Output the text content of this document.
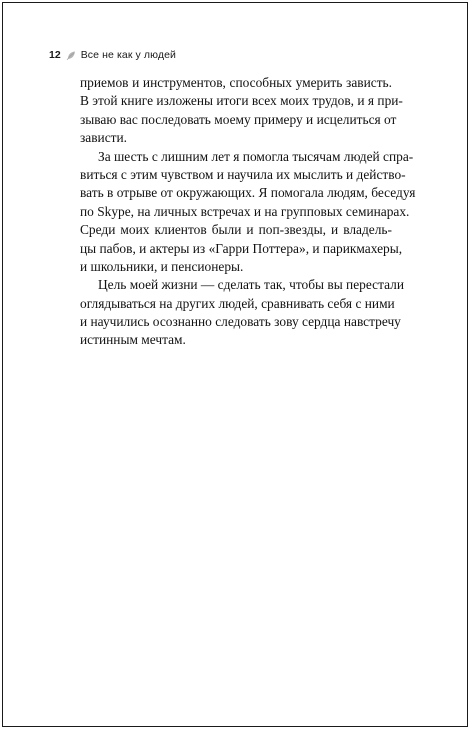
12 Все не как у людей

приемов и инструментов, способных умерить зависть.
В этой книге изложены итоги всех моих трудов, и я при-
зываю вас последовать моему примеру и исцелиться от
зависти.

За шесть с лишним лет я помогла тысячам людей спра-
виться с этим чувством и научила их мыслить и действо-
вать в отрыве от окружающих. Я помогала людям, беседуя
по Skype, на личных встречах и на групповых семинарах.
Среди моих клиентов были и поп-звезды, и владель-
цы пабов, и актеры из «Гарри Поттера», и парикмахеры,
и школьники, и пенсионеры.

Цель моей жизни — сделать так, чтобы вы перестали
оглядываться на других людей, сравнивать себя с ними
и научились осознанно следовать зову сердца навстречу
истинным мечтам.
